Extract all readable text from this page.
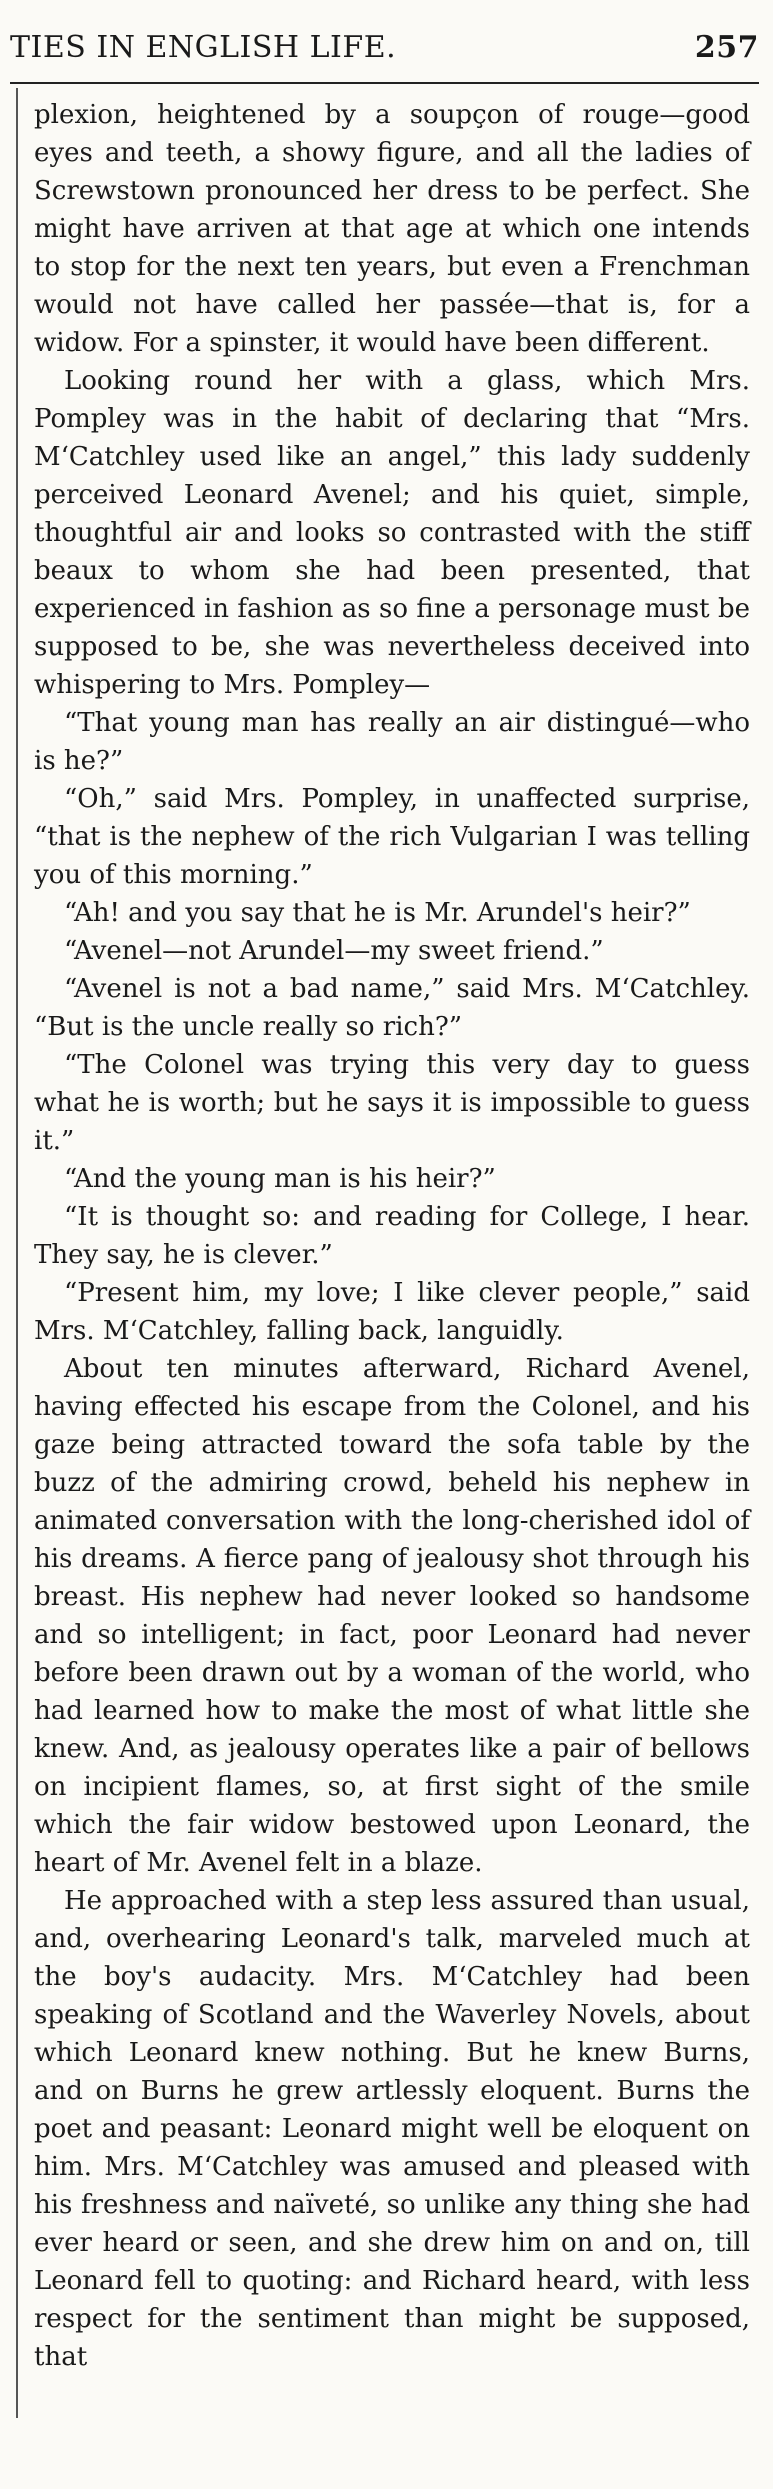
TIES IN ENGLISH LIFE.	257

plexion, heightened by a soupçon of rouge—good eyes and teeth, a showy figure, and all the ladies of Screwstown pronounced her dress to be perfect. She might have arriven at that age at which one intends to stop for the next ten years, but even a Frenchman would not have called her passée—that is, for a widow. For a spinster, it would have been different.

Looking round her with a glass, which Mrs. Pompley was in the habit of declaring that “Mrs. M‘Catchley used like an angel,” this lady suddenly perceived Leonard Avenel; and his quiet, simple, thoughtful air and looks so contrasted with the stiff beaux to whom she had been presented, that experienced in fashion as so fine a personage must be supposed to be, she was nevertheless deceived into whispering to Mrs. Pompley—

“That young man has really an air distingué—who is he?”

“Oh,” said Mrs. Pompley, in unaffected surprise, “that is the nephew of the rich Vulgarian I was telling you of this morning.”

“Ah! and you say that he is Mr. Arundel's heir?”

“Avenel—not Arundel—my sweet friend.”

“Avenel is not a bad name,” said Mrs. M‘Catchley. “But is the uncle really so rich?”

“The Colonel was trying this very day to guess what he is worth; but he says it is impossible to guess it.”

“And the young man is his heir?”

“It is thought so: and reading for College, I hear. They say, he is clever.”

“Present him, my love; I like clever people,” said Mrs. M‘Catchley, falling back, languidly.

About ten minutes afterward, Richard Avenel, having effected his escape from the Colonel, and his gaze being attracted toward the sofa table by the buzz of the admiring crowd, beheld his nephew in animated conversation with the long-cherished idol of his dreams. A fierce pang of jealousy shot through his breast. His nephew had never looked so handsome and so intelligent; in fact, poor Leonard had never before been drawn out by a woman of the world, who had learned how to make the most of what little she knew. And, as jealousy operates like a pair of bellows on incipient flames, so, at first sight of the smile which the fair widow bestowed upon Leonard, the heart of Mr. Avenel felt in a blaze.

He approached with a step less assured than usual, and, overhearing Leonard's talk, marveled much at the boy's audacity. Mrs. M‘Catchley had been speaking of Scotland and the Waverley Novels, about which Leonard knew nothing. But he knew Burns, and on Burns he grew artlessly eloquent. Burns the poet and peasant: Leonard might well be eloquent on him. Mrs. M‘Catchley was amused and pleased with his freshness and naïveté, so unlike any thing she had ever heard or seen, and she drew him on and on, till Leonard fell to quoting: and Richard heard, with less respect for the sentiment than might be supposed, that
